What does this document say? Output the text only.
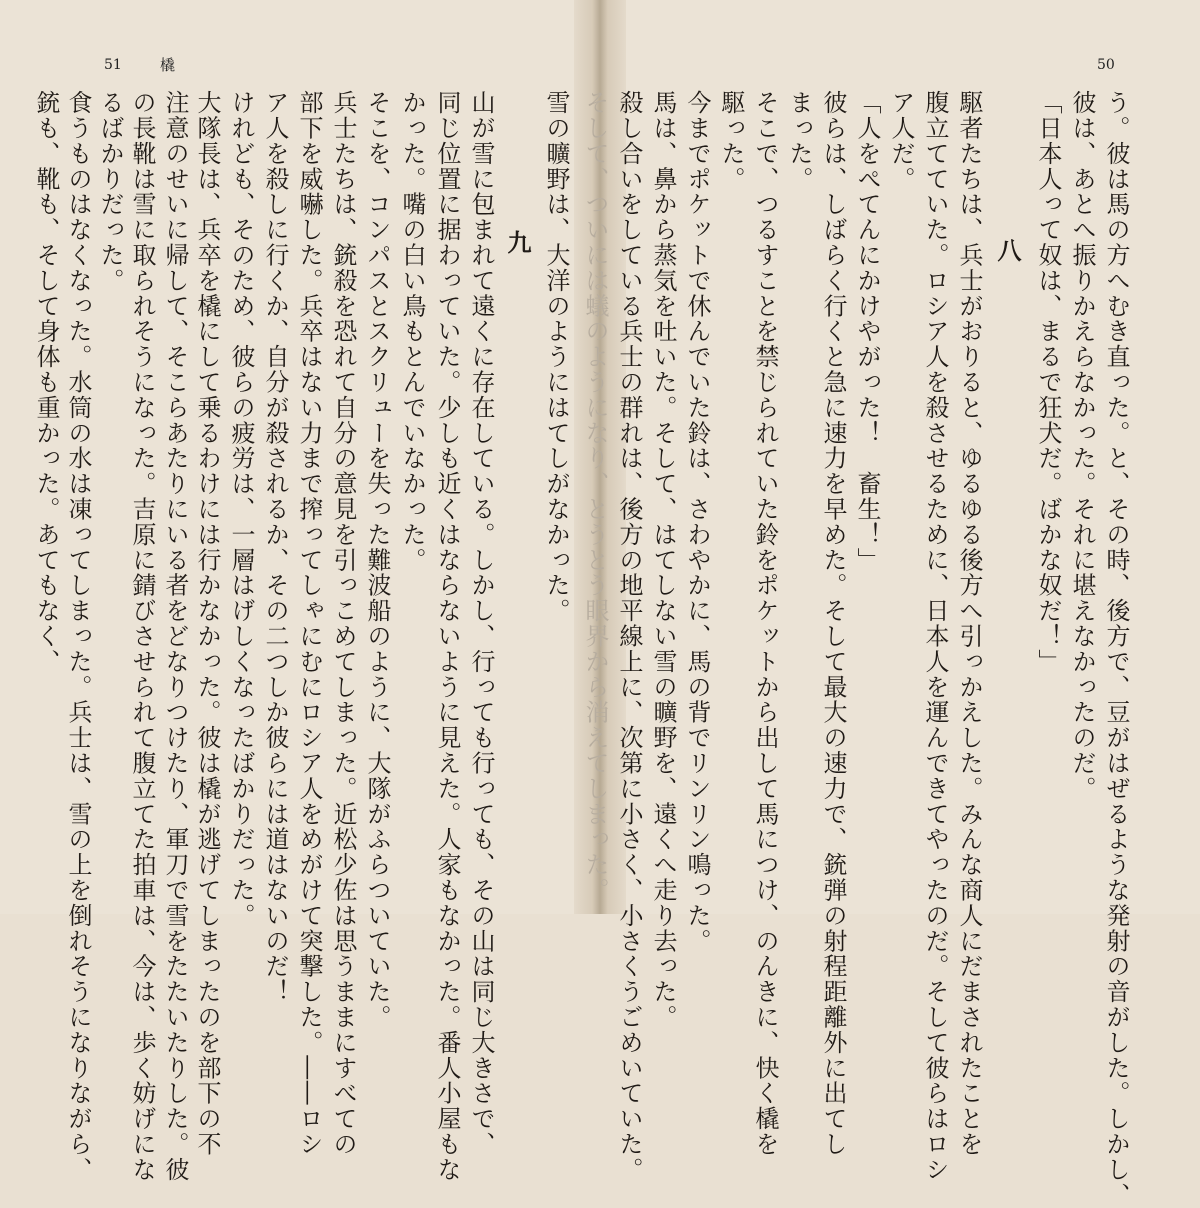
51	橇	50
雪の曠野は、大洋のようにはてしがなかった。
九
山が雪に包まれて遠くに存在している。しかし、行っても行っても、その山は同じ大きさで、
同じ位置に据わっていた。少しも近くはならないように見えた。人家もなかった。番人小屋もな
かった。嘴の白い鳥もとんでいなかった。
そこを、コンパスとスクリューを失った難波船のように、大隊がふらついていた。
兵士たちは、銃殺を恐れて自分の意見を引っこめてしまった。近松少佐は思うままにすべての
部下を威嚇した。兵卒はない力まで搾ってしゃにむにロシア人をめがけて突撃した。――ロシ
ア人を殺しに行くか、自分が殺されるか、その二つしか彼らには道はないのだ！
けれども、そのため、彼らの疲労は、一層はげしくなったばかりだった。
大隊長は、兵卒を橇にして乗るわけには行かなかった。彼は橇が逃げてしまったのを部下の不
注意のせいに帰して、そこらあたりにいる者をどなりつけたり、軍刀で雪をたたいたりした。彼
の長靴は雪に取られそうになった。吉原に錆びさせられて腹立てた拍車は、今は、歩く妨げにな
るばかりだった。
食うものはなくなった。水筒の水は凍ってしまった。兵士は、雪の上を倒れそうになりながら、
銃も、靴も、そして身体も重かった。あてもなく、	う。彼は馬の方へむき直った。と、その時、後方で、豆がはぜるような発射の音がした。しかし、
彼は、あとへ振りかえらなかった。それに堪えなかったのだ。
「日本人って奴は、まるで狂犬だ。ばかな奴だ！」
八
駆者たちは、兵士がおりると、ゆるゆる後方へ引っかえした。みんな商人にだまされたことを
腹立てていた。ロシア人を殺させるために、日本人を運んできてやったのだ。そして彼らはロシ
ア人だ。
「人をぺてんにかけやがった！　畜生！」
彼らは、しばらく行くと急に速力を早めた。そして最大の速力で、銃弾の射程距離外に出てし
まった。
そこで、つるすことを禁じられていた鈴をポケットから出して馬につけ、のんきに、快く橇を
駆った。
今までポケットで休んでいた鈴は、さわやかに、馬の背でリンリン鳴った。
馬は、鼻から蒸気を吐いた。そして、はてしない雪の曠野を、遠くへ走り去った。
殺し合いをしている兵士の群れは、後方の地平線上に、次第に小さく、小さくうごめいていた。
そして、ついには蟻のようになり、とうとう眼界から消えてしまった。
